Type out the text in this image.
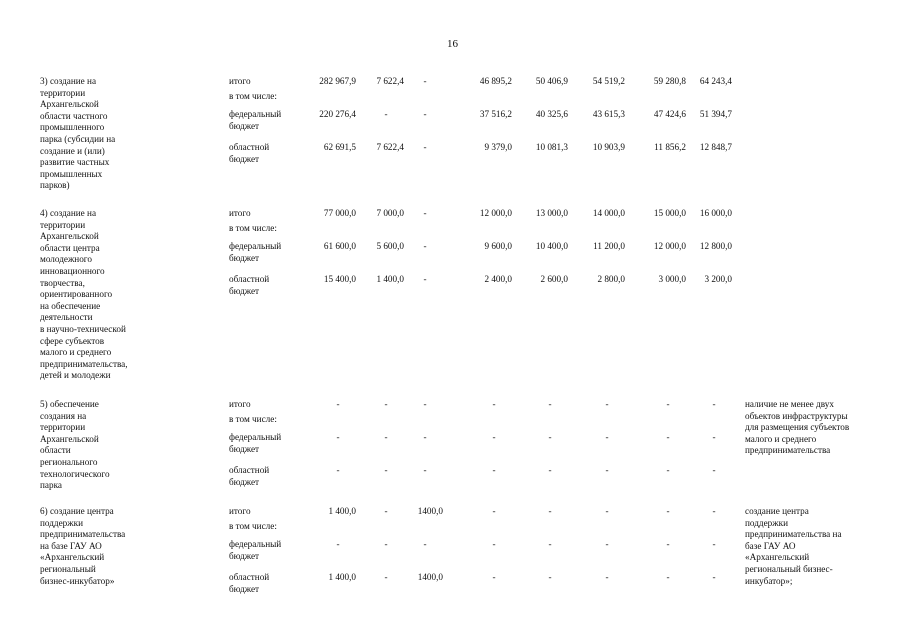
16
3) создание на
территории
Архангельской
области частного
промышленного
парка (субсидии на
создание и (или)
развитие частных
промышленных
парков)
итого	282 967,9	7 622,4	-	46 895,2	50 406,9	54 519,2	59 280,8	64 243,4
в том числе:
федеральный
бюджет
220 276,4	-	-	37 516,2	40 325,6	43 615,3	47 424,6	51 394,7
областной
бюджет
62 691,5	7 622,4	-	9 379,0	10 081,3	10 903,9	11 856,2	12 848,7
4) создание на
территории
Архангельской
области центра
молодежного
инновационного
творчества,
ориентированного
на обеспечение
деятельности
в научно-технической
сфере субъектов
малого и среднего
предпринимательства,
детей и молодежи
итого	77 000,0	7 000,0	-	12 000,0	13 000,0	14 000,0	15 000,0	16 000,0
в том числе:
федеральный
бюджет
61 600,0	5 600,0	-	9 600,0	10 400,0	11 200,0	12 000,0	12 800,0
областной
бюджет
15 400,0	1 400,0	-	2 400,0	2 600,0	2 800,0	3 000,0	3 200,0
5) обеспечение
создания на
территории
Архангельской
области
регионального
технологического
парка
итого	-	-	-	-	-	-	-	-
в том числе:
федеральный
бюджет
-	-	-	-	-	-	-	-
областной
бюджет
-	-	-	-	-	-	-	-
наличие не менее двух
объектов инфраструктуры
для размещения субъектов
малого и среднего
предпринимательства
6) создание центра
поддержки
предпринимательства
на базе ГАУ АО
«Архангельский
региональный
бизнес-инкубатор»
итого	1 400,0	-	1400,0	-	-	-	-	-
в том числе:
федеральный
бюджет
-	-	-	-	-	-	-	-
областной
бюджет
1 400,0	-	1400,0	-	-	-	-	-
создание центра
поддержки
предпринимательства на
базе ГАУ АО
«Архангельский
региональный бизнес-
инкубатор»;
